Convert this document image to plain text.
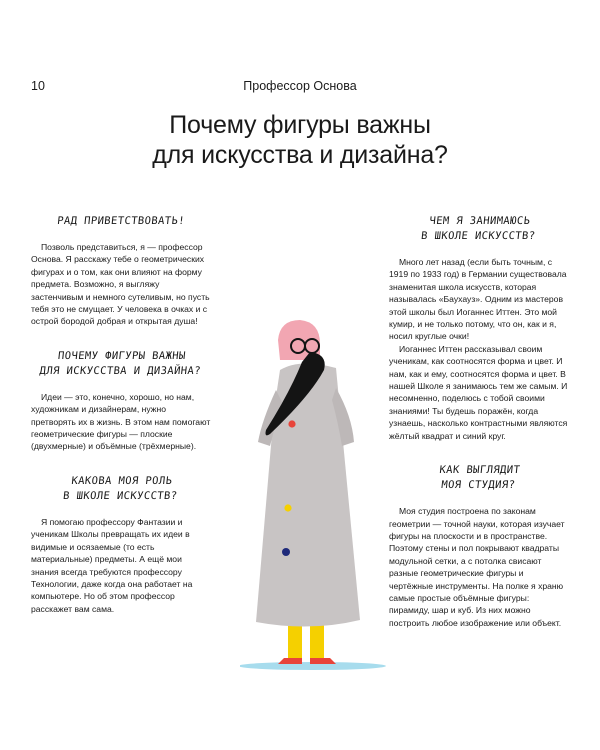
10	Профессор Основа
Почему фигуры важны
для искусства и дизайна?
РАД ПРИВЕТСТВОВАТЬ!

Позволь представиться, я — профессор Основа. Я расскажу тебе о геометрических фигурах и о том, как они влияют на форму предмета. Возможно, я выгляжу застенчивым и немного сутеливым, но пусть тебя это не смущает. У человека в очках и с острой бородой добрая и открытая душа!

ПОЧЕМУ ФИГУРЫ ВАЖНЫ
ДЛЯ ИСКУССТВА И ДИЗАЙНА?

Идеи — это, конечно, хорошо, но нам, художникам и дизайнерам, нужно претворять их в жизнь. В этом нам помогают геометрические фигуры — плоские (двухмерные) и объёмные (трёхмерные).

КАКОВА МОЯ РОЛЬ
В ШКОЛЕ ИСКУССТВ?

Я помогаю профессору Фантазии и ученикам Школы превращать их идеи в видимые и осязаемые (то есть материальные) предметы. А ещё мои знания всегда требуются профессору Технологии, даже когда она работает на компьютере. Но об этом профессор расскажет вам сама.

ЧЕМ Я ЗАНИМАЮСЬ
В ШКОЛЕ ИСКУССТВ?

Много лет назад (если быть точным, с 1919 по 1933 год) в Германии существовала знаменитая школа искусств, которая называлась «Баухауз». Одним из мастеров этой школы был Иоганнес Иттен. Это мой кумир, и не только потому, что он, как и я, носил круглые очки!

Иоганнес Иттен рассказывал своим ученикам, как соотносятся форма и цвет. И нам, как и ему, соотносятся форма и цвет. В нашей Школе я занимаюсь тем же самым. И несомненно, поделюсь с тобой своими знаниями! Ты будешь поражён, когда узнаешь, насколько контрастными являются жёлтый квадрат и синий круг.

КАК ВЫГЛЯДИТ
МОЯ СТУДИЯ?

Моя студия построена по законам геометрии — точной науки, которая изучает фигуры на плоскости и в пространстве. Поэтому стены и пол покрывают квадраты модульной сетки, а с потолка свисают разные геометрические фигуры и чертёжные инструменты. На полке я храню самые простые объёмные фигуры: пирамиду, шар и куб. Из них можно построить любое изображение или объект.
